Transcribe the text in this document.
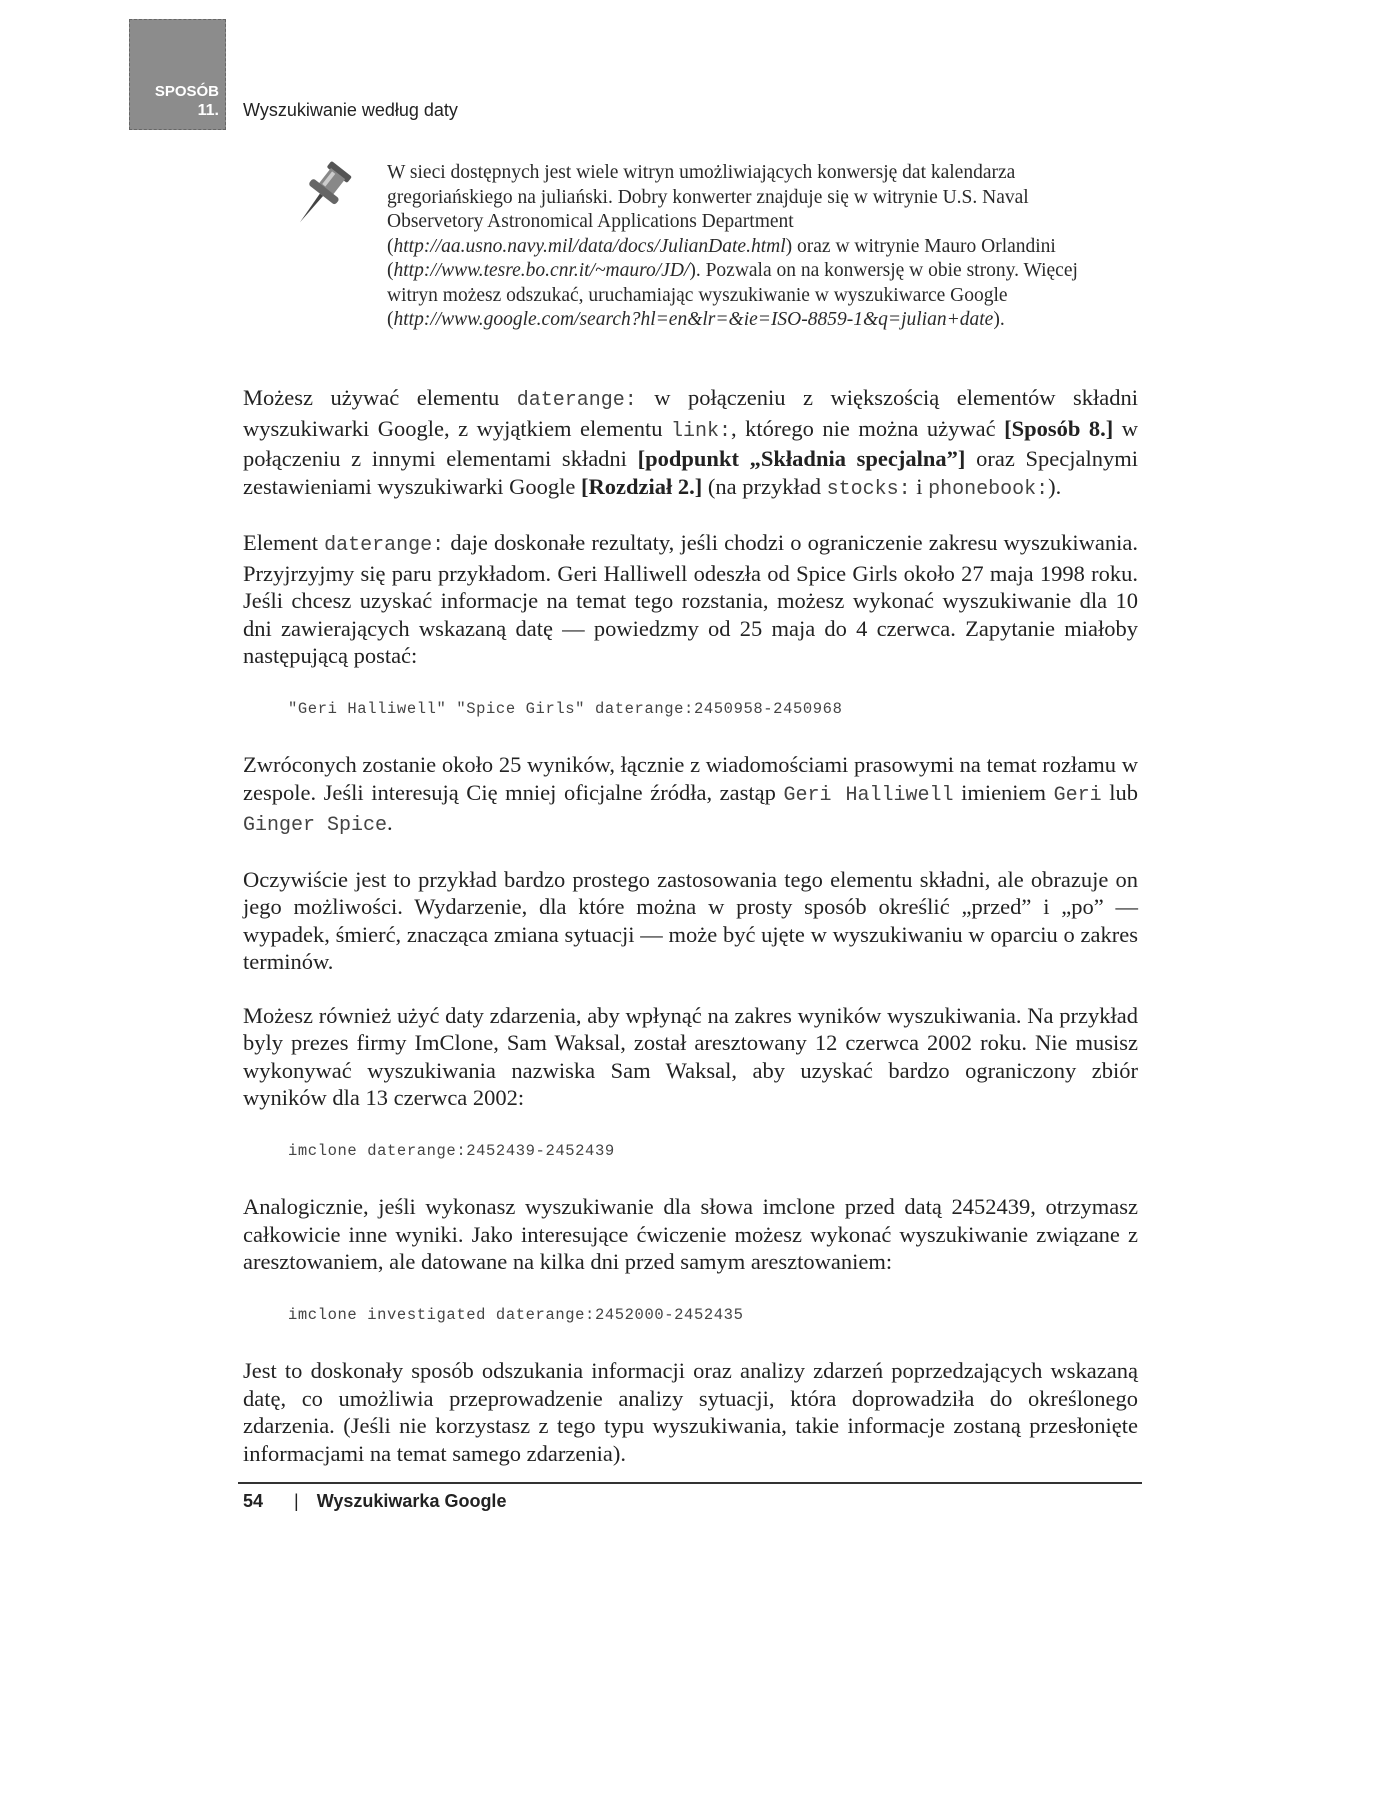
SPOSÓB
11. Wyszukiwanie według daty
W sieci dostępnych jest wiele witryn umożliwiających konwersję dat kalendarza gregoriańskiego na juliański. Dobry konwerter znajduje się w witrynie U.S. Naval Observetory Astronomical Applications Department (http://aa.usno.navy.mil/data/docs/JulianDate.html) oraz w witrynie Mauro Orlandini (http://www.tesre.bo.cnr.it/~mauro/JD/). Pozwala on na konwersję w obie strony. Więcej witryn możesz odszukać, uruchamiając wyszukiwanie w wyszukiwarce Google (http://www.google.com/search?hl=en&lr=&ie=ISO-8859-1&q=julian+date).

Możesz używać elementu daterange: w połączeniu z większością elementów składni wyszukiwarki Google, z wyjątkiem elementu link:, którego nie można używać [Sposób 8.] w połączeniu z innymi elementami składni [podpunkt „Składnia specjalna”] oraz Specjalnymi zestawieniami wyszukiwarki Google [Rozdział 2.] (na przykład stocks: i phonebook:).

Element daterange: daje doskonałe rezultaty, jeśli chodzi o ograniczenie zakresu wyszukiwania. Przyjrzyjmy się paru przykładom. Geri Halliwell odeszła od Spice Girls około 27 maja 1998 roku. Jeśli chcesz uzyskać informacje na temat tego rozstania, możesz wykonać wyszukiwanie dla 10 dni zawierających wskazaną datę — powiedzmy od 25 maja do 4 czerwca. Zapytanie miałoby następującą postać:

"Geri Halliwell" "Spice Girls" daterange:2450958-2450968

Zwróconych zostanie około 25 wyników, łącznie z wiadomościami prasowymi na temat rozłamu w zespole. Jeśli interesują Cię mniej oficjalne źródła, zastąp Geri Halliwell imieniem Geri lub Ginger Spice.

Oczywiście jest to przykład bardzo prostego zastosowania tego elementu składni, ale obrazuje on jego możliwości. Wydarzenie, dla które można w prosty sposób określić „przed” i „po” — wypadek, śmierć, znacząca zmiana sytuacji — może być ujęte w wyszukiwaniu w oparciu o zakres terminów.

Możesz również użyć daty zdarzenia, aby wpłynąć na zakres wyników wyszukiwania. Na przykład byly prezes firmy ImClone, Sam Waksal, został aresztowany 12 czerwca 2002 roku. Nie musisz wykonywać wyszukiwania nazwiska Sam Waksal, aby uzyskać bardzo ograniczony zbiór wyników dla 13 czerwca 2002:

imclone daterange:2452439-2452439

Analogicznie, jeśli wykonasz wyszukiwanie dla słowa imclone przed datą 2452439, otrzymasz całkowicie inne wyniki. Jako interesujące ćwiczenie możesz wykonać wyszukiwanie związane z aresztowaniem, ale datowane na kilka dni przed samym aresztowaniem:

imclone investigated daterange:2452000-2452435

Jest to doskonały sposób odszukania informacji oraz analizy zdarzeń poprzedzających wskazaną datę, co umożliwia przeprowadzenie analizy sytuacji, która doprowadziła do określonego zdarzenia. (Jeśli nie korzystasz z tego typu wyszukiwania, takie informacje zostaną przesłonięte informacjami na temat samego zdarzenia).

54 | Wyszukiwarka Google
